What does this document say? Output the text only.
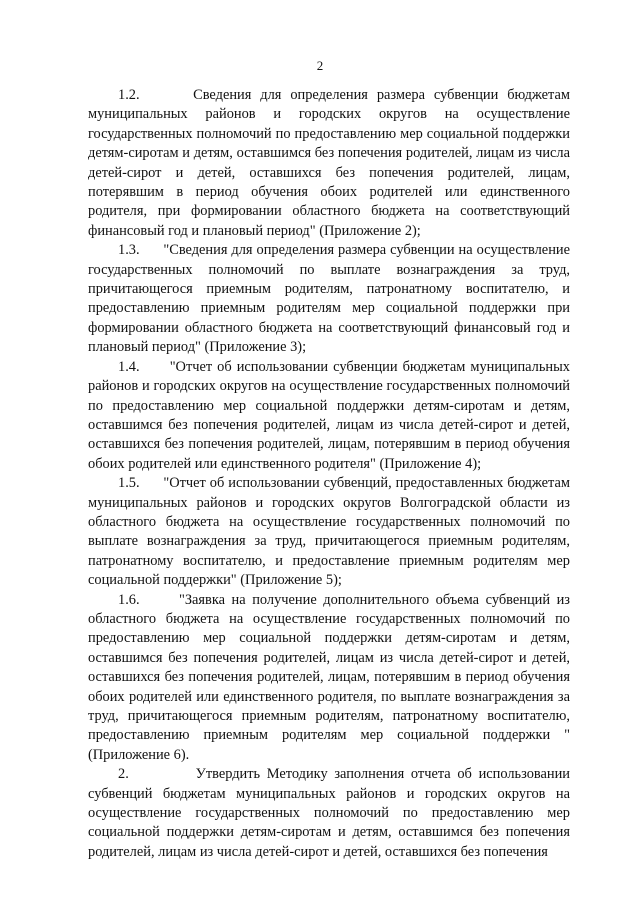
2

1.2.	Сведения для определения размера субвенции бюджетам муниципальных районов и городских округов на осуществление государственных полномочий по предоставлению мер социальной поддержки детям-сиротам и детям, оставшимся без попечения родителей, лицам из числа детей-сирот и детей, оставшихся без попечения родителей, лицам, потерявшим в период обучения обоих родителей или единственного родителя, при формировании областного бюджета на соответствующий финансовый год и плановый период" (Приложение 2);

1.3. "Сведения для определения размера субвенции на осуществление государственных полномочий по выплате вознаграждения за труд, причитающегося приемным родителям, патронатному воспитателю, и предоставлению приемным родителям мер социальной поддержки при формировании областного бюджета на соответствующий финансовый год и плановый период" (Приложение 3);

1.4. "Отчет об использовании субвенции бюджетам муниципальных районов и городских округов на осуществление государственных полномочий по предоставлению мер социальной поддержки детям-сиротам и детям, оставшимся без попечения родителей, лицам из числа детей-сирот и детей, оставшихся без попечения родителей, лицам, потерявшим в период обучения обоих родителей или единственного родителя" (Приложение 4);

1.5. "Отчет об использовании субвенций, предоставленных бюджетам муниципальных районов и городских округов Волгоградской области из областного бюджета на осуществление государственных полномочий по выплате вознаграждения за труд, причитающегося приемным родителям, патронатному воспитателю, и предоставление приемным родителям мер социальной поддержки" (Приложение 5);

1.6.	"Заявка на получение дополнительного объема субвенций из областного бюджета на осуществление государственных полномочий по предоставлению мер социальной поддержки детям-сиротам и детям, оставшимся без попечения родителей, лицам из числа детей-сирот и детей, оставшихся без попечения родителей, лицам, потерявшим в период обучения обоих родителей или единственного родителя, по выплате вознаграждения за труд, причитающегося приемным родителям, патронатному воспитателю, предоставлению приемным родителям мер социальной поддержки " (Приложение 6).

2.	Утвердить Методику заполнения отчета об использовании субвенций бюджетам муниципальных районов и городских округов на осуществление государственных полномочий по предоставлению мер социальной поддержки детям-сиротам и детям, оставшимся без попечения родителей, лицам из числа детей-сирот и детей, оставшихся без попечения
